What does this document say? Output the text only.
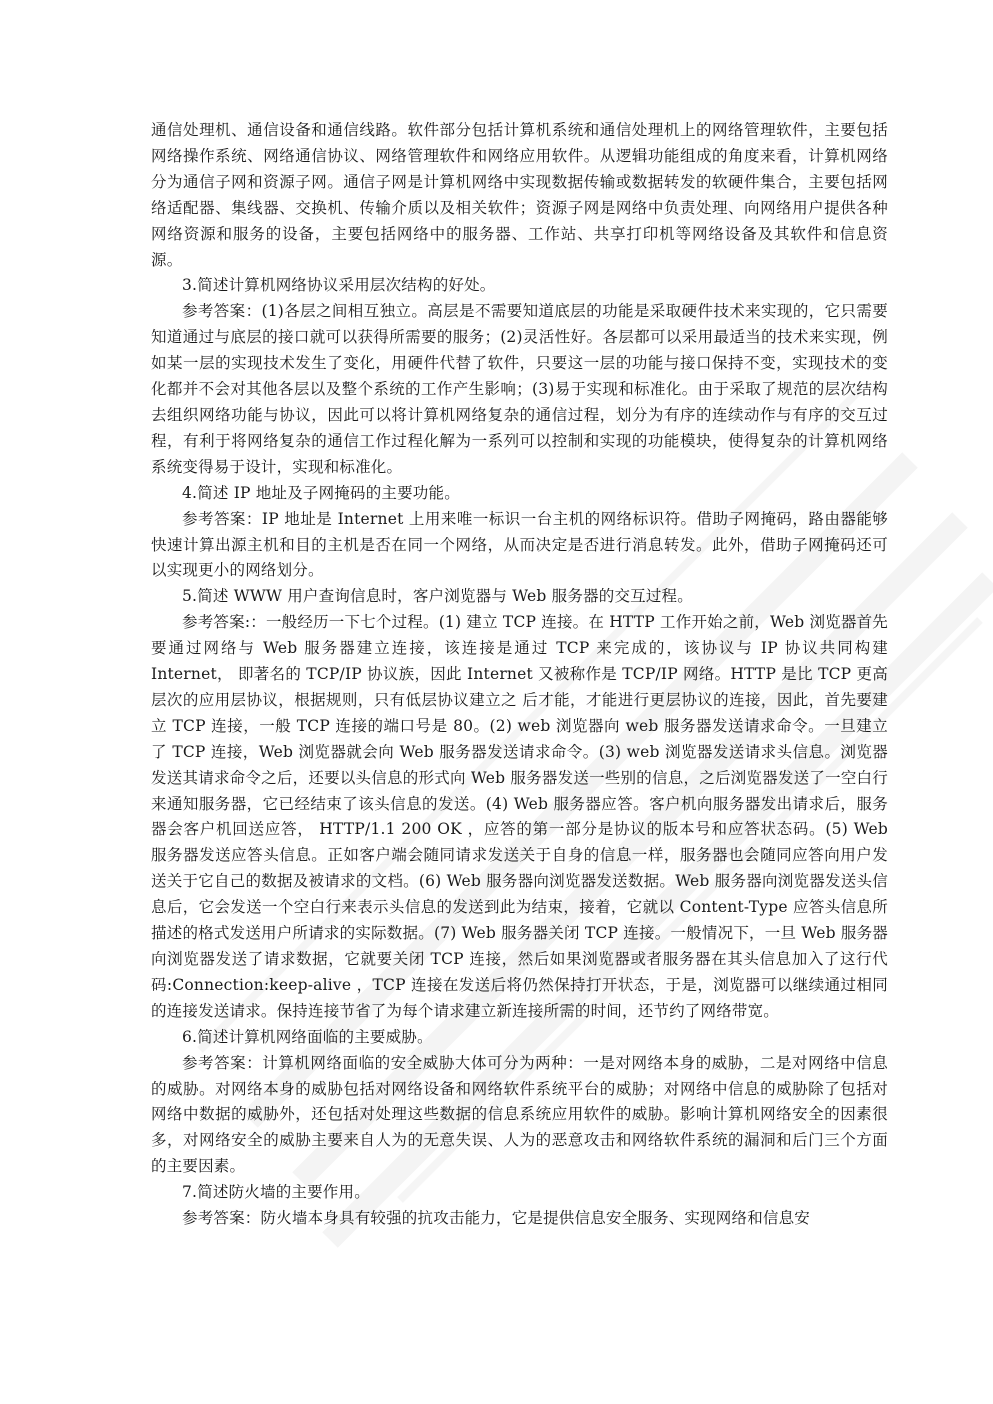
通信处理机、通信设备和通信线路。软件部分包括计算机系统和通信处理机上的网络管理软件，主要包括网络操作系统、网络通信协议、网络管理软件和网络应用软件。从逻辑功能组成的角度来看，计算机网络分为通信子网和资源子网。通信子网是计算机网络中实现数据传输或数据转发的软硬件集合，主要包括网络适配器、集线器、交换机、传输介质以及相关软件；资源子网是网络中负责处理、向网络用户提供各种网络资源和服务的设备，主要包括网络中的服务器、工作站、共享打印机等网络设备及其软件和信息资源。

3.简述计算机网络协议采用层次结构的好处。

参考答案：(1)各层之间相互独立。高层是不需要知道底层的功能是采取硬件技术来实现的，它只需要知道通过与底层的接口就可以获得所需要的服务；(2)灵活性好。各层都可以采用最适当的技术来实现，例如某一层的实现技术发生了变化，用硬件代替了软件，只要这一层的功能与接口保持不变，实现技术的变化都并不会对其他各层以及整个系统的工作产生影响；(3)易于实现和标准化。由于采取了规范的层次结构去组织网络功能与协议，因此可以将计算机网络复杂的通信过程，划分为有序的连续动作与有序的交互过程，有利于将网络复杂的通信工作过程化解为一系列可以控制和实现的功能模块，使得复杂的计算机网络系统变得易于设计，实现和标准化。

4.简述 IP 地址及子网掩码的主要功能。

参考答案：IP 地址是 Internet 上用来唯一标识一台主机的网络标识符。借助子网掩码，路由器能够快速计算出源主机和目的主机是否在同一个网络，从而决定是否进行消息转发。此外，借助子网掩码还可以实现更小的网络划分。

5.简述 WWW 用户查询信息时，客户浏览器与 Web 服务器的交互过程。

参考答案:：一般经历一下七个过程。(1) 建立 TCP 连接。在 HTTP 工作开始之前，Web 浏览器首先要通过网络与 Web 服务器建立连接，该连接是通过 TCP 来完成的，该协议与 IP 协议共同构建 Internet， 即著名的 TCP/IP 协议族，因此 Internet 又被称作是 TCP/IP 网络。HTTP 是比 TCP 更高层次的应用层协议，根据规则，只有低层协议建立之 后才能，才能进行更层协议的连接，因此，首先要建立 TCP 连接，一般 TCP 连接的端口号是 80。(2) web 浏览器向 web 服务器发送请求命令。一旦建立了 TCP 连接，Web 浏览器就会向 Web 服务器发送请求命令。(3) web 浏览器发送请求头信息。浏览器发送其请求命令之后，还要以头信息的形式向 Web 服务器发送一些别的信息，之后浏览器发送了一空白行来通知服务器，它已经结束了该头信息的发送。(4) Web 服务器应答。客户机向服务器发出请求后，服务器会客户机回送应答， HTTP/1.1 200 OK ，应答的第一部分是协议的版本号和应答状态码。(5) Web 服务器发送应答头信息。正如客户端会随同请求发送关于自身的信息一样，服务器也会随同应答向用户发送关于它自己的数据及被请求的文档。(6) Web 服务器向浏览器发送数据。Web 服务器向浏览器发送头信息后，它会发送一个空白行来表示头信息的发送到此为结束，接着，它就以 Content-Type 应答头信息所描述的格式发送用户所请求的实际数据。(7) Web 服务器关闭 TCP 连接。一般情况下，一旦 Web 服务器向浏览器发送了请求数据，它就要关闭 TCP 连接，然后如果浏览器或者服务器在其头信息加入了这行代码:Connection:keep-alive ，TCP 连接在发送后将仍然保持打开状态，于是，浏览器可以继续通过相同的连接发送请求。保持连接节省了为每个请求建立新连接所需的时间，还节约了网络带宽。

6.简述计算机网络面临的主要威胁。

参考答案：计算机网络面临的安全威胁大体可分为两种：一是对网络本身的威胁，二是对网络中信息的威胁。对网络本身的威胁包括对网络设备和网络软件系统平台的威胁；对网络中信息的威胁除了包括对网络中数据的威胁外，还包括对处理这些数据的信息系统应用软件的威胁。影响计算机网络安全的因素很多，对网络安全的威胁主要来自人为的无意失误、人为的恶意攻击和网络软件系统的漏洞和后门三个方面的主要因素。

7.简述防火墙的主要作用。

参考答案：防火墙本身具有较强的抗攻击能力，它是提供信息安全服务、实现网络和信息安
